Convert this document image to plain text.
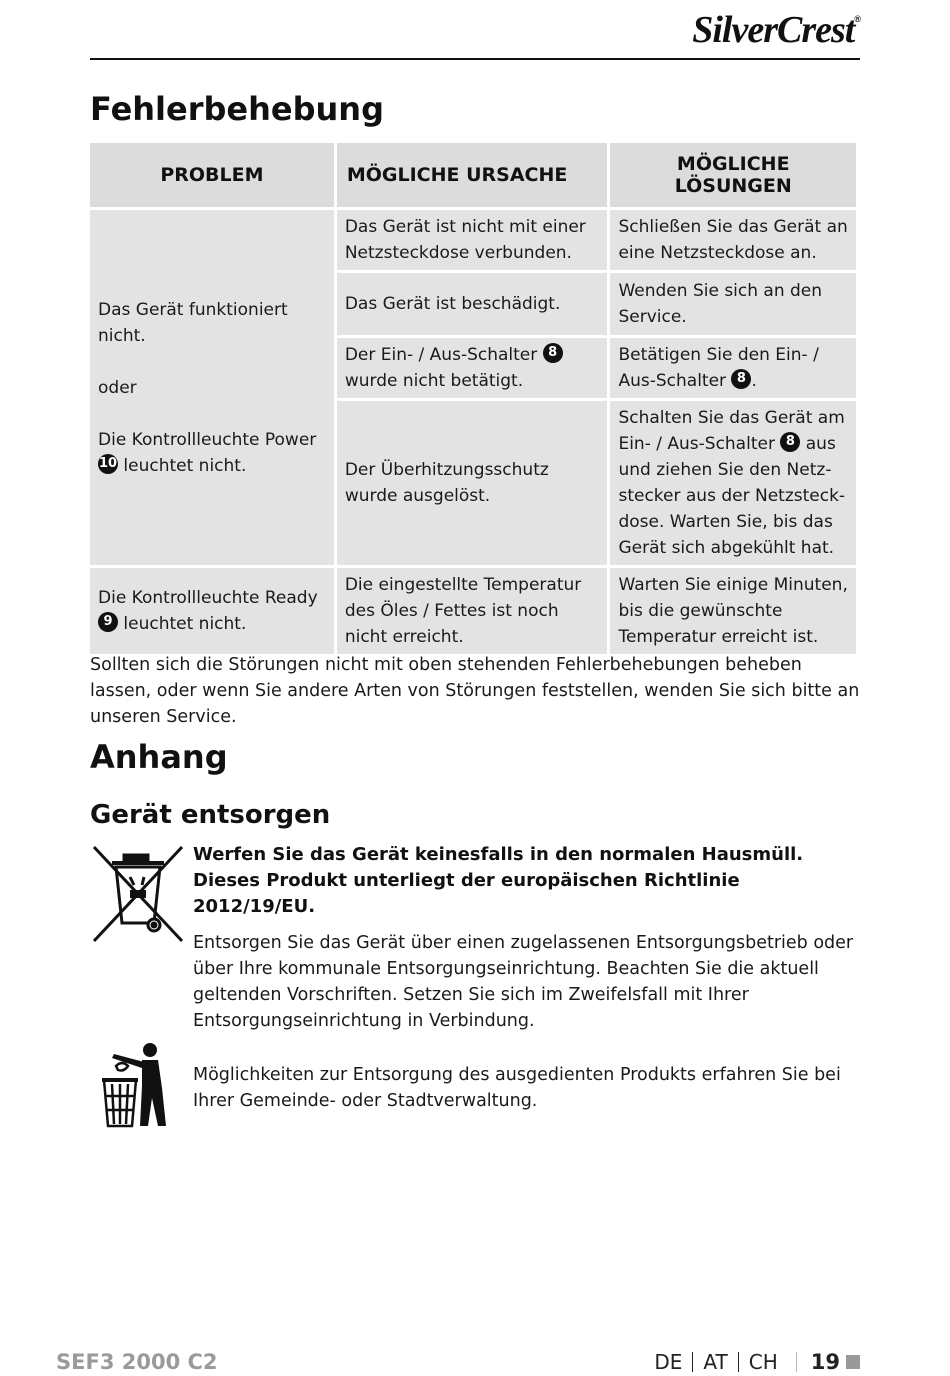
SilverCrest®
Fehlerbehebung
PROBLEM	MÖGLICHE URSACHE	MÖGLICHE
LÖSUNGEN
Das Gerät funktioniert nicht.
oder
Die Kontrollleuchte Power 10 leuchtet nicht.	Das Gerät ist nicht mit einer Netzsteckdose verbunden.	Schließen Sie das Gerät an eine Netzsteckdose an.
	Das Gerät ist beschädigt.	Wenden Sie sich an den Service.
	Der Ein- / Aus-Schalter 8 wurde nicht betätigt.	Betätigen Sie den Ein- / Aus-Schalter 8 .
	Der Überhitzungsschutz wurde ausgelöst.	Schalten Sie das Gerät am Ein- / Aus-Schalter 8 aus und ziehen Sie den Netzstecker aus der Netzsteckdose. Warten Sie, bis das Gerät sich abgekühlt hat.
Die Kontrollleuchte Ready 9 leuchtet nicht.	Die eingestellte Temperatur des Öles / Fettes ist noch nicht erreicht.	Warten Sie einige Minuten, bis die gewünschte Temperatur erreicht ist.

Sollten sich die Störungen nicht mit oben stehenden Fehlerbehebungen beheben lassen, oder wenn Sie andere Arten von Störungen feststellen, wenden Sie sich bitte an unseren Service.

Anhang
Gerät entsorgen

Werfen Sie das Gerät keinesfalls in den normalen Hausmüll. Dieses Produkt unterliegt der europäischen Richtlinie 2012/19/EU.

Entsorgen Sie das Gerät über einen zugelassenen Entsorgungsbetrieb oder über Ihre kommunale Entsorgungseinrichtung. Beachten Sie die aktuell geltenden Vorschriften. Setzen Sie sich im Zweifelsfall mit Ihrer Entsorgungseinrichtung in Verbindung.

Möglichkeiten zur Entsorgung des ausgedienten Produkts erfahren Sie bei Ihrer Gemeinde- oder Stadtverwaltung.

SEF3 2000 C2	DE AT CH 19
